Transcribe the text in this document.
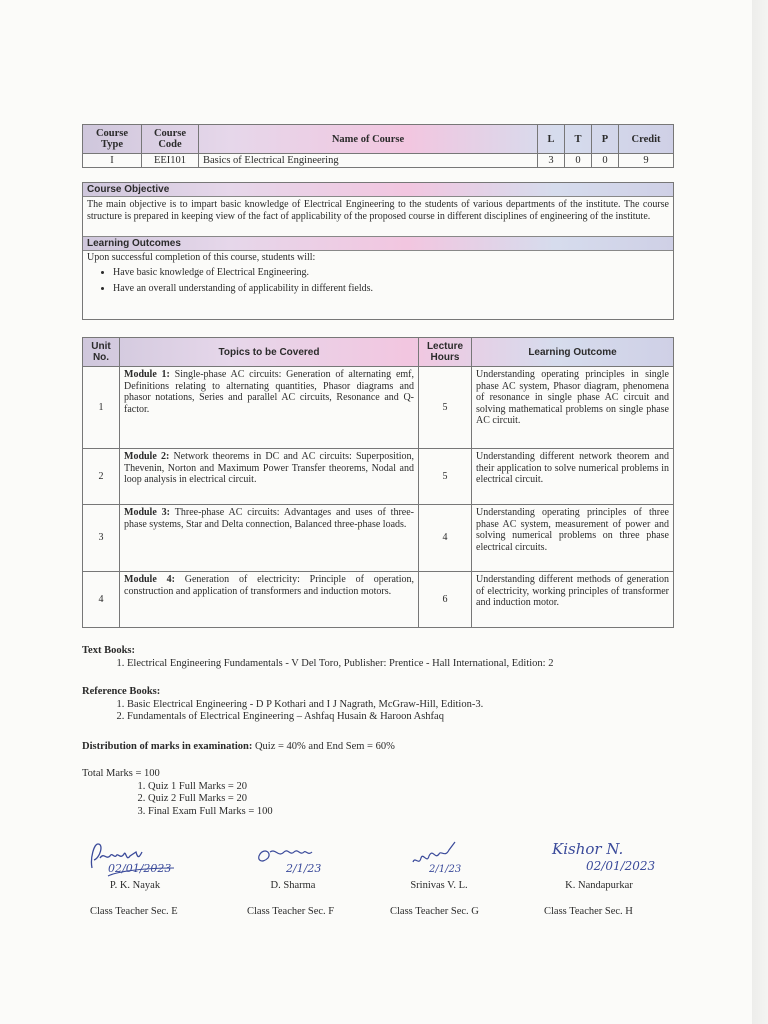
Course Type	Course Code	Name of Course	L	T	P	Credit
I	EEI101	Basics of Electrical Engineering	3	0	0	9
Course Objective
The main objective is to impart basic knowledge of Electrical Engineering to the students of various departments of the institute. The course structure is prepared in keeping view of the fact of applicability of the proposed course in different disciplines of engineering of the institute.
Learning Outcomes
Upon successful completion of this course, students will:
• Have basic knowledge of Electrical Engineering.
• Have an overall understanding of applicability in different fields.
Unit No.	Topics to be Covered	Lecture Hours	Learning Outcome
1	Module 1: Single-phase AC circuits: Generation of alternating emf, Definitions relating to alternating quantities, Phasor diagrams and phasor notations, Series and parallel AC circuits, Resonance and Q-factor.	5	Understanding operating principles in single phase AC system, Phasor diagram, phenomena of resonance in single phase AC circuit and solving mathematical problems on single phase AC circuit.
2	Module 2: Network theorems in DC and AC circuits: Superposition, Thevenin, Norton and Maximum Power Transfer theorems, Nodal and loop analysis in electrical circuit.	5	Understanding different network theorem and their application to solve numerical problems in electrical circuit.
3	Module 3: Three-phase AC circuits: Advantages and uses of three-phase systems, Star and Delta connection, Balanced three-phase loads.	4	Understanding operating principles of three phase AC system, measurement of power and solving numerical problems on three phase electrical circuits.
4	Module 4: Generation of electricity: Principle of operation, construction and application of transformers and induction motors.	6	Understanding different methods of generation of electricity, working principles of transformer and induction motor.
Text Books:
1. Electrical Engineering Fundamentals - V Del Toro, Publisher: Prentice - Hall International, Edition: 2
Reference Books:
1. Basic Electrical Engineering - D P Kothari and I J Nagrath, McGraw-Hill, Edition-3.
2. Fundamentals of Electrical Engineering – Ashfaq Husain & Haroon Ashfaq
Distribution of marks in examination: Quiz = 40% and End Sem = 60%
Total Marks = 100
1. Quiz 1 Full Marks = 20
2. Quiz 2 Full Marks = 20
3. Final Exam Full Marks = 100
02/01/2023
P. K. Nayak
2/1/23
D. Sharma
2/1/23
Srinivas V. L.
Kishor N.
02/01/2023
K. Nandapurkar
Class Teacher Sec. E	Class Teacher Sec. F	Class Teacher Sec. G	Class Teacher Sec. H
